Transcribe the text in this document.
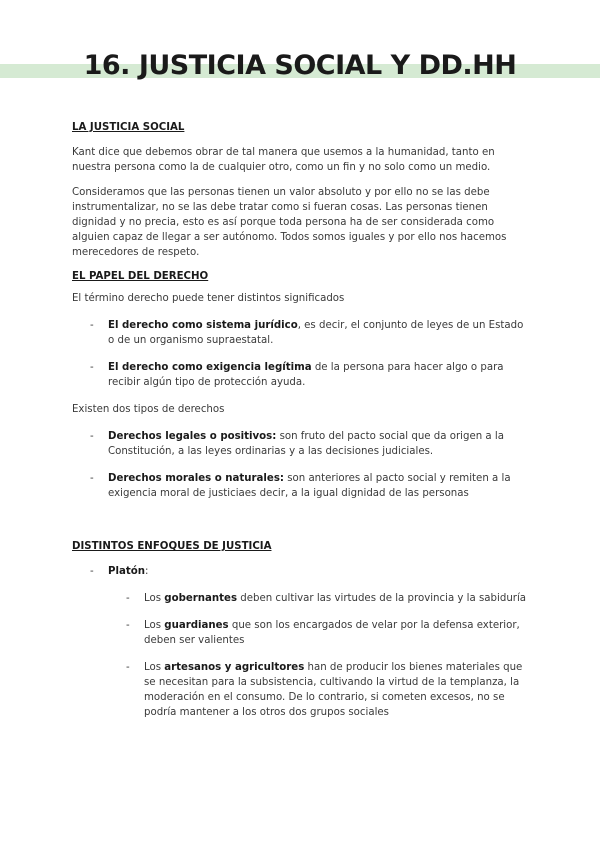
16. JUSTICIA SOCIAL Y DD.HH

LA JUSTICIA SOCIAL

Kant dice que debemos obrar de tal manera que usemos a la humanidad, tanto en nuestra persona como la de cualquier otro, como un fin y no solo como un medio.

Consideramos que las personas tienen un valor absoluto y por ello no se las debe instrumentalizar, no se las debe tratar como si fueran cosas. Las personas tienen dignidad y no precia, esto es así porque toda persona ha de ser considerada como alguien capaz de llegar a ser autónomo. Todos somos iguales y por ello nos hacemos merecedores de respeto.

EL PAPEL DEL DERECHO

El término derecho puede tener distintos significados

- El derecho como sistema jurídico, es decir, el conjunto de leyes de un Estado o de un organismo supraestatal.
- El derecho como exigencia legítima de la persona para hacer algo o para recibir algún tipo de protección ayuda.

Existen dos tipos de derechos

- Derechos legales o positivos: son fruto del pacto social que da origen a la Constitución, a las leyes ordinarias y a las decisiones judiciales.
- Derechos morales o naturales: son anteriores al pacto social y remiten a la exigencia moral de justiciaes decir, a la igual dignidad de las personas

DISTINTOS ENFOQUES DE JUSTICIA

- Platón:
- Los gobernantes deben cultivar las virtudes de la provincia y la sabiduría
- Los guardianes que son los encargados de velar por la defensa exterior, deben ser valientes
- Los artesanos y agricultores han de producir los bienes materiales que se necesitan para la subsistencia, cultivando la virtud de la templanza, la moderación en el consumo. De lo contrario, si cometen excesos, no se podría mantener a los otros dos grupos sociales
